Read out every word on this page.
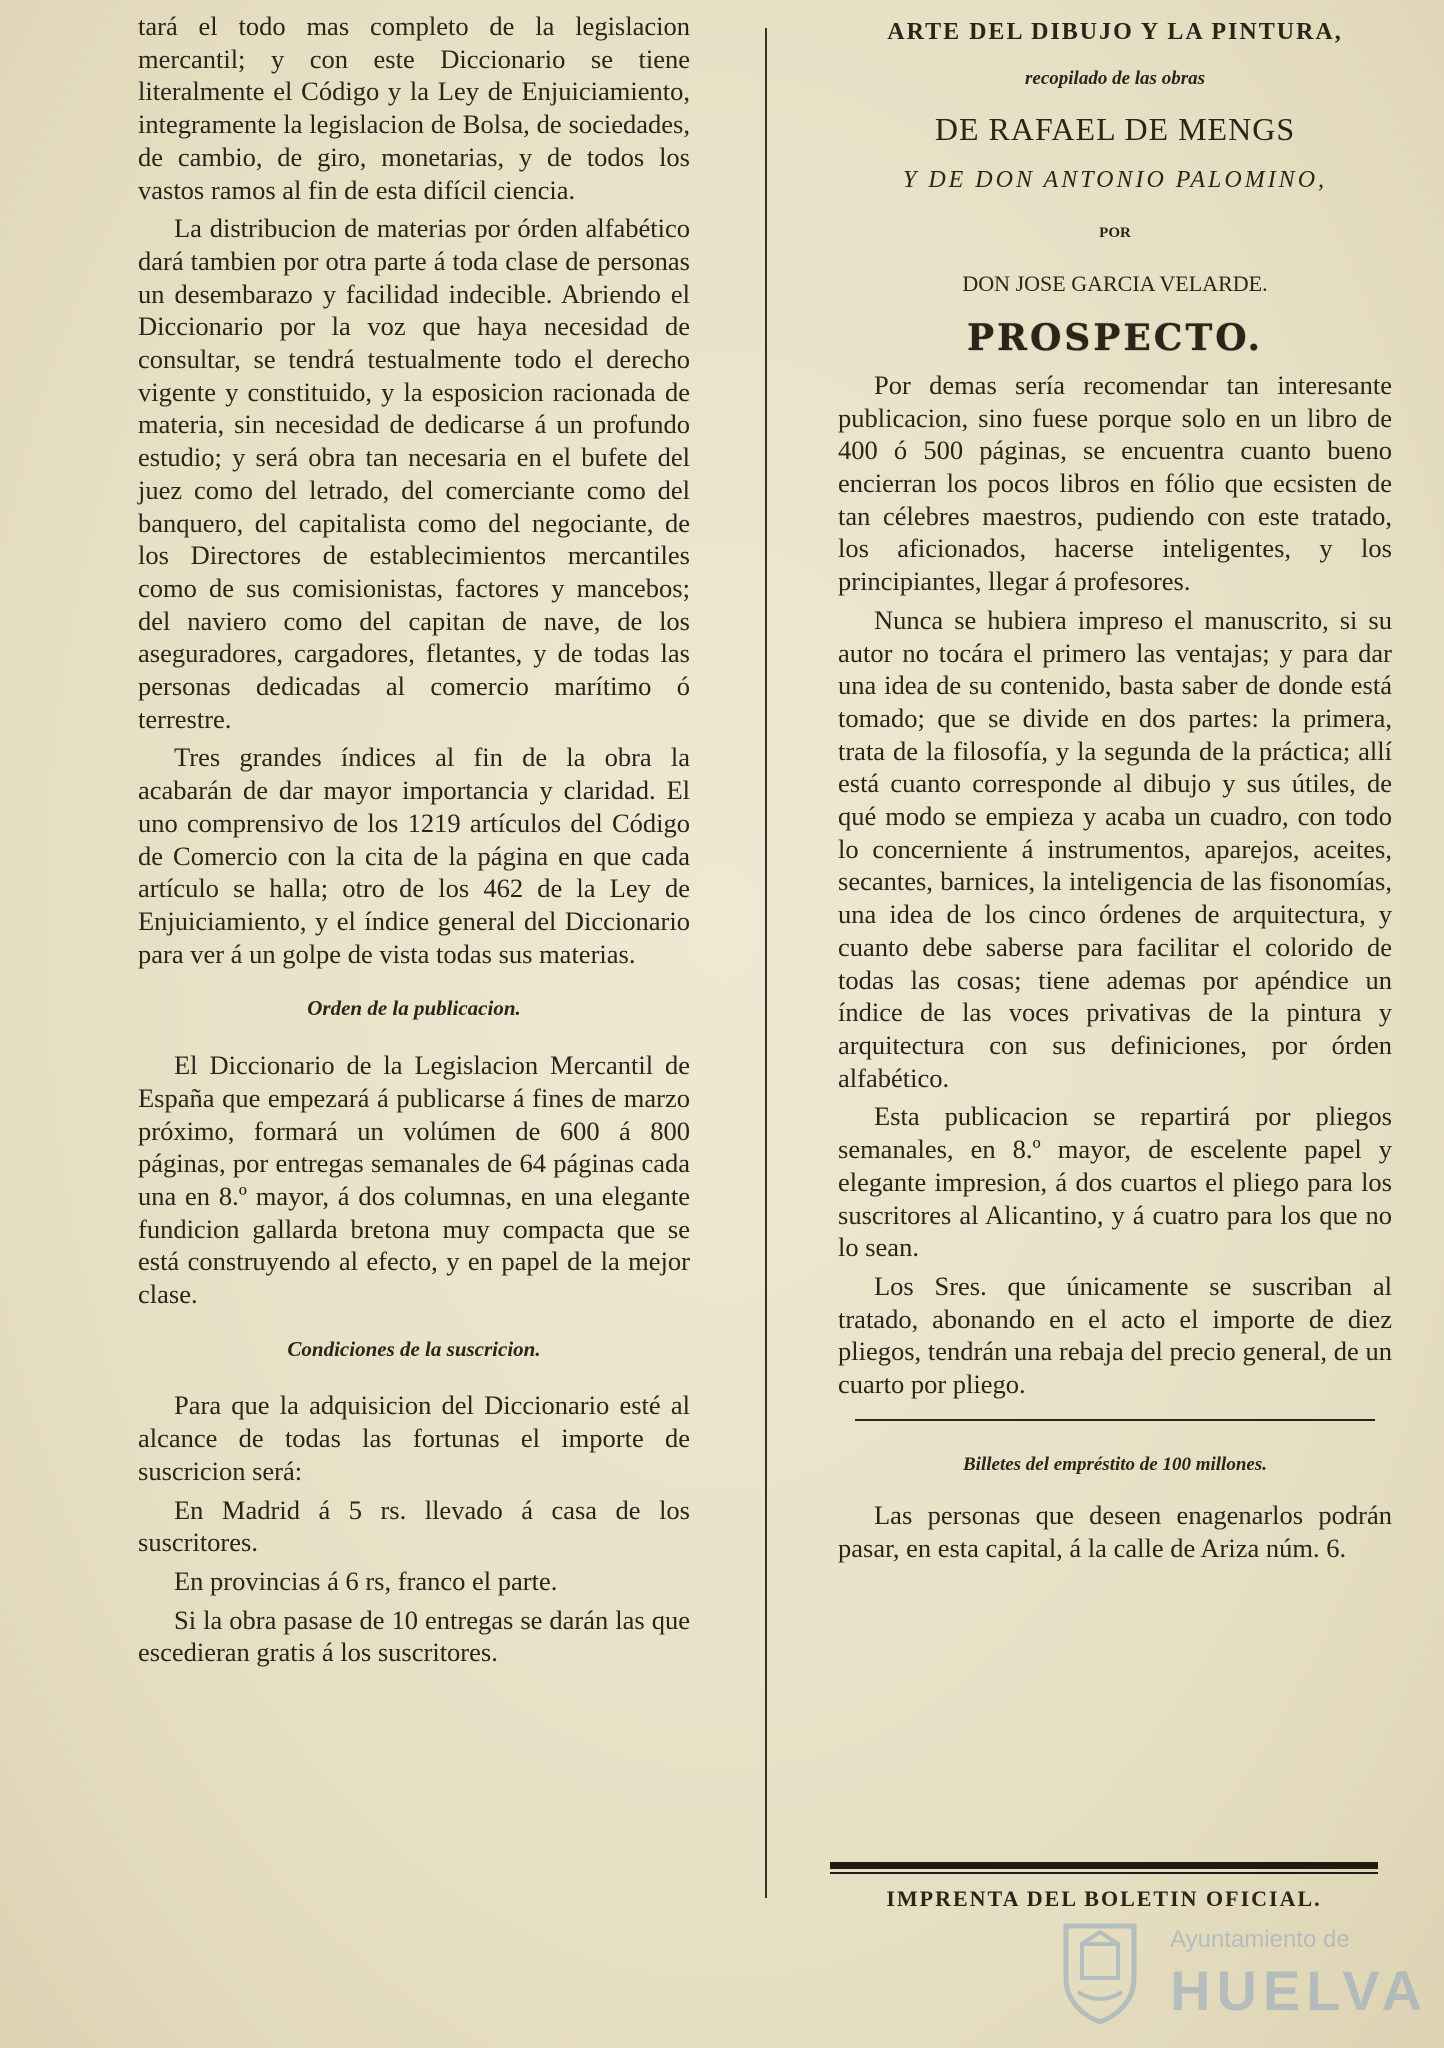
tará el todo mas completo de la legislacion mercantil; y con este Diccionario se tiene literalmente el Código y la Ley de Enjuiciamiento, integramente la legislacion de Bolsa, de sociedades, de cambio, de giro, monetarias, y de todos los vastos ramos al fin de esta difícil ciencia.

La distribucion de materias por órden alfabético dará tambien por otra parte á toda clase de personas un desembarazo y facilidad indecible. Abriendo el Diccionario por la voz que haya necesidad de consultar, se tendrá testualmente todo el derecho vigente y constituido, y la esposicion racionada de materia, sin necesidad de dedicarse á un profundo estudio; y será obra tan necesaria en el bufete del juez como del letrado, del comerciante como del banquero, del capitalista como del negociante, de los Directores de establecimientos mercantiles como de sus comisionistas, factores y mancebos; del naviero como del capitan de nave, de los aseguradores, cargadores, fletantes, y de todas las personas dedicadas al comercio marítimo ó terrestre.

Tres grandes índices al fin de la obra la acabarán de dar mayor importancia y claridad. El uno comprensivo de los 1219 artículos del Código de Comercio con la cita de la página en que cada artículo se halla; otro de los 462 de la Ley de Enjuiciamiento, y el índice general del Diccionario para ver á un golpe de vista todas sus materias.

Orden de la publicacion.

El Diccionario de la Legislacion Mercantil de España que empezará á publicarse á fines de marzo próximo, formará un volúmen de 600 á 800 páginas, por entregas semanales de 64 páginas cada una en 8.º mayor, á dos columnas, en una elegante fundicion gallarda bretona muy compacta que se está construyendo al efecto, y en papel de la mejor clase.

Condiciones de la suscricion.

Para que la adquisicion del Diccionario esté al alcance de todas las fortunas el importe de suscricion será:

En Madrid á 5 rs. llevado á casa de los suscritores.

En provincias á 6 rs, franco el parte.

Si la obra pasase de 10 entregas se darán las que escedieran gratis á los suscritores.

ARTE DEL DIBUJO Y LA PINTURA,
recopilado de las obras
DE RAFAEL DE MENGS
Y DE DON ANTONIO PALOMINO,
POR
DON JOSE GARCIA VELARDE.
PROSPECTO.

Por demas sería recomendar tan interesante publicacion, sino fuese porque solo en un libro de 400 ó 500 páginas, se encuentra cuanto bueno encierran los pocos libros en fólio que ecsisten de tan célebres maestros, pudiendo con este tratado, los aficionados, hacerse inteligentes, y los principiantes, llegar á profesores.

Nunca se hubiera impreso el manuscrito, si su autor no tocára el primero las ventajas; y para dar una idea de su contenido, basta saber de donde está tomado; que se divide en dos partes: la primera, trata de la filosofía, y la segunda de la práctica; allí está cuanto corresponde al dibujo y sus útiles, de qué modo se empieza y acaba un cuadro, con todo lo concerniente á instrumentos, aparejos, aceites, secantes, barnices, la inteligencia de las fisonomías, una idea de los cinco órdenes de arquitectura, y cuanto debe saberse para facilitar el colorido de todas las cosas; tiene ademas por apéndice un índice de las voces privativas de la pintura y arquitectura con sus definiciones, por órden alfabético.

Esta publicacion se repartirá por pliegos semanales, en 8.º mayor, de escelente papel y elegante impresion, á dos cuartos el pliego para los suscritores al Alicantino, y á cuatro para los que no lo sean.

Los Sres. que únicamente se suscriban al tratado, abonando en el acto el importe de diez pliegos, tendrán una rebaja del precio general, de un cuarto por pliego.

Billetes del empréstito de 100 millones.

Las personas que deseen enagenarlos podrán pasar, en esta capital, á la calle de Ariza núm. 6.

IMPRENTA DEL BOLETIN OFICIAL.
Ayuntamiento de
HUELVA
